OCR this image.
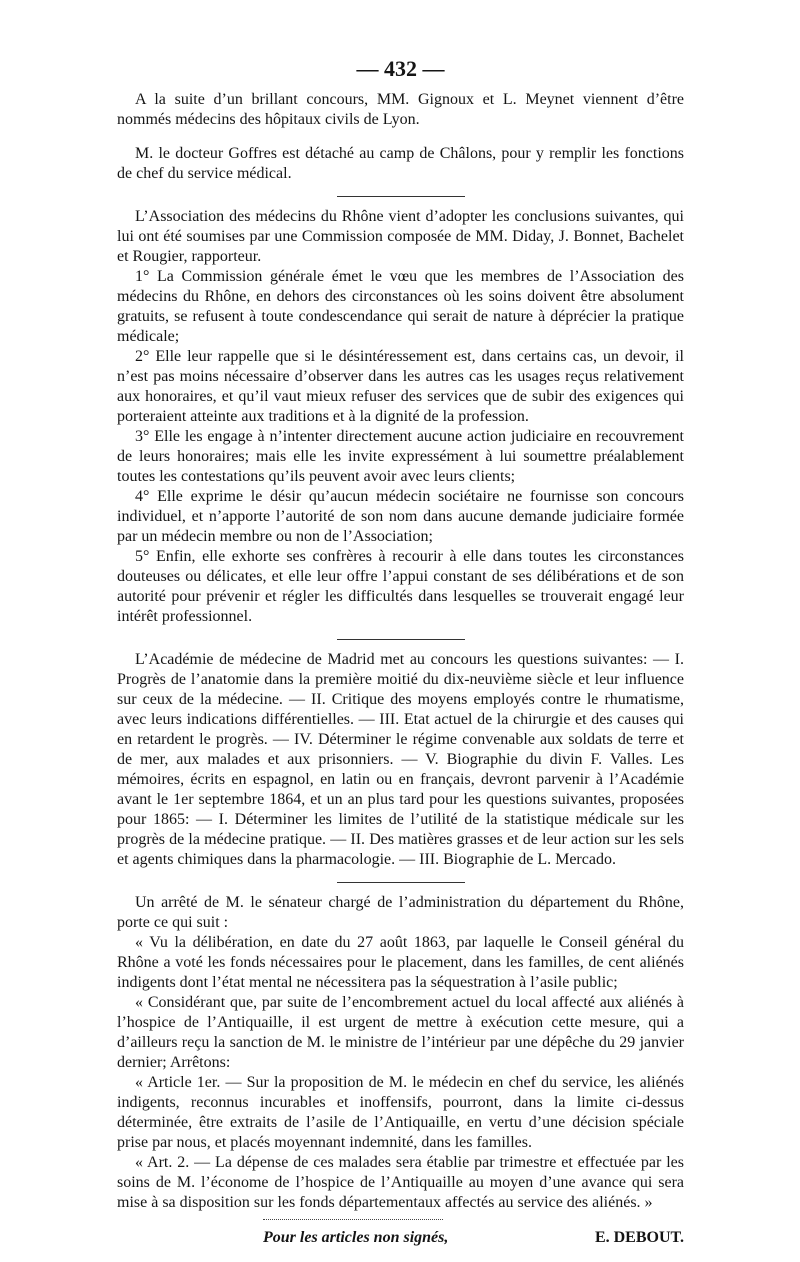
— 432 —

A la suite d’un brillant concours, MM. Gignoux et L. Meynet viennent d’être nommés médecins des hôpitaux civils de Lyon.

M. le docteur Goffres est détaché au camp de Châlons, pour y remplir les fonctions de chef du service médical.

L’Association des médecins du Rhône vient d’adopter les conclusions suivantes, qui lui ont été soumises par une Commission composée de MM. Diday, J. Bonnet, Bachelet et Rougier, rapporteur.

1° La Commission générale émet le vœu que les membres de l’Association des médecins du Rhône, en dehors des circonstances où les soins doivent être absolument gratuits, se refusent à toute condescendance qui serait de nature à déprécier la pratique médicale;

2° Elle leur rappelle que si le désintéressement est, dans certains cas, un devoir, il n’est pas moins nécessaire d’observer dans les autres cas les usages reçus relativement aux honoraires, et qu’il vaut mieux refuser des services que de subir des exigences qui porteraient atteinte aux traditions et à la dignité de la profession.

3° Elle les engage à n’intenter directement aucune action judiciaire en recouvrement de leurs honoraires; mais elle les invite expressément à lui soumettre préalablement toutes les contestations qu’ils peuvent avoir avec leurs clients;

4° Elle exprime le désir qu’aucun médecin sociétaire ne fournisse son concours individuel, et n’apporte l’autorité de son nom dans aucune demande judiciaire formée par un médecin membre ou non de l’Association;

5° Enfin, elle exhorte ses confrères à recourir à elle dans toutes les circonstances douteuses ou délicates, et elle leur offre l’appui constant de ses délibérations et de son autorité pour prévenir et régler les difficultés dans lesquelles se trouverait engagé leur intérêt professionnel.

L’Académie de médecine de Madrid met au concours les questions suivantes: — I. Progrès de l’anatomie dans la première moitié du dix-neuvième siècle et leur influence sur ceux de la médecine. — II. Critique des moyens employés contre le rhumatisme, avec leurs indications différentielles. — III. Etat actuel de la chirurgie et des causes qui en retardent le progrès. — IV. Déterminer le régime convenable aux soldats de terre et de mer, aux malades et aux prisonniers. — V. Biographie du divin F. Valles. Les mémoires, écrits en espagnol, en latin ou en français, devront parvenir à l’Académie avant le 1er septembre 1864, et un an plus tard pour les questions suivantes, proposées pour 1865: — I. Déterminer les limites de l’utilité de la statistique médicale sur les progrès de la médecine pratique. — II. Des matières grasses et de leur action sur les sels et agents chimiques dans la pharmacologie. — III. Biographie de L. Mercado.

Un arrêté de M. le sénateur chargé de l’administration du département du Rhône, porte ce qui suit :

« Vu la délibération, en date du 27 août 1863, par laquelle le Conseil général du Rhône a voté les fonds nécessaires pour le placement, dans les familles, de cent aliénés indigents dont l’état mental ne nécessitera pas la séquestration à l’asile public;

« Considérant que, par suite de l’encombrement actuel du local affecté aux aliénés à l’hospice de l’Antiquaille, il est urgent de mettre à exécution cette mesure, qui a d’ailleurs reçu la sanction de M. le ministre de l’intérieur par une dépêche du 29 janvier dernier; Arrêtons:

« Article 1er. — Sur la proposition de M. le médecin en chef du service, les aliénés indigents, reconnus incurables et inoffensifs, pourront, dans la limite ci-dessus déterminée, être extraits de l’asile de l’Antiquaille, en vertu d’une décision spéciale prise par nous, et placés moyennant indemnité, dans les familles.

« Art. 2. — La dépense de ces malades sera établie par trimestre et effectuée par les soins de M. l’économe de l’hospice de l’Antiquaille au moyen d’une avance qui sera mise à sa disposition sur les fonds départementaux affectés au service des aliénés. »

Pour les articles non signés,	E. DEBOUT.
